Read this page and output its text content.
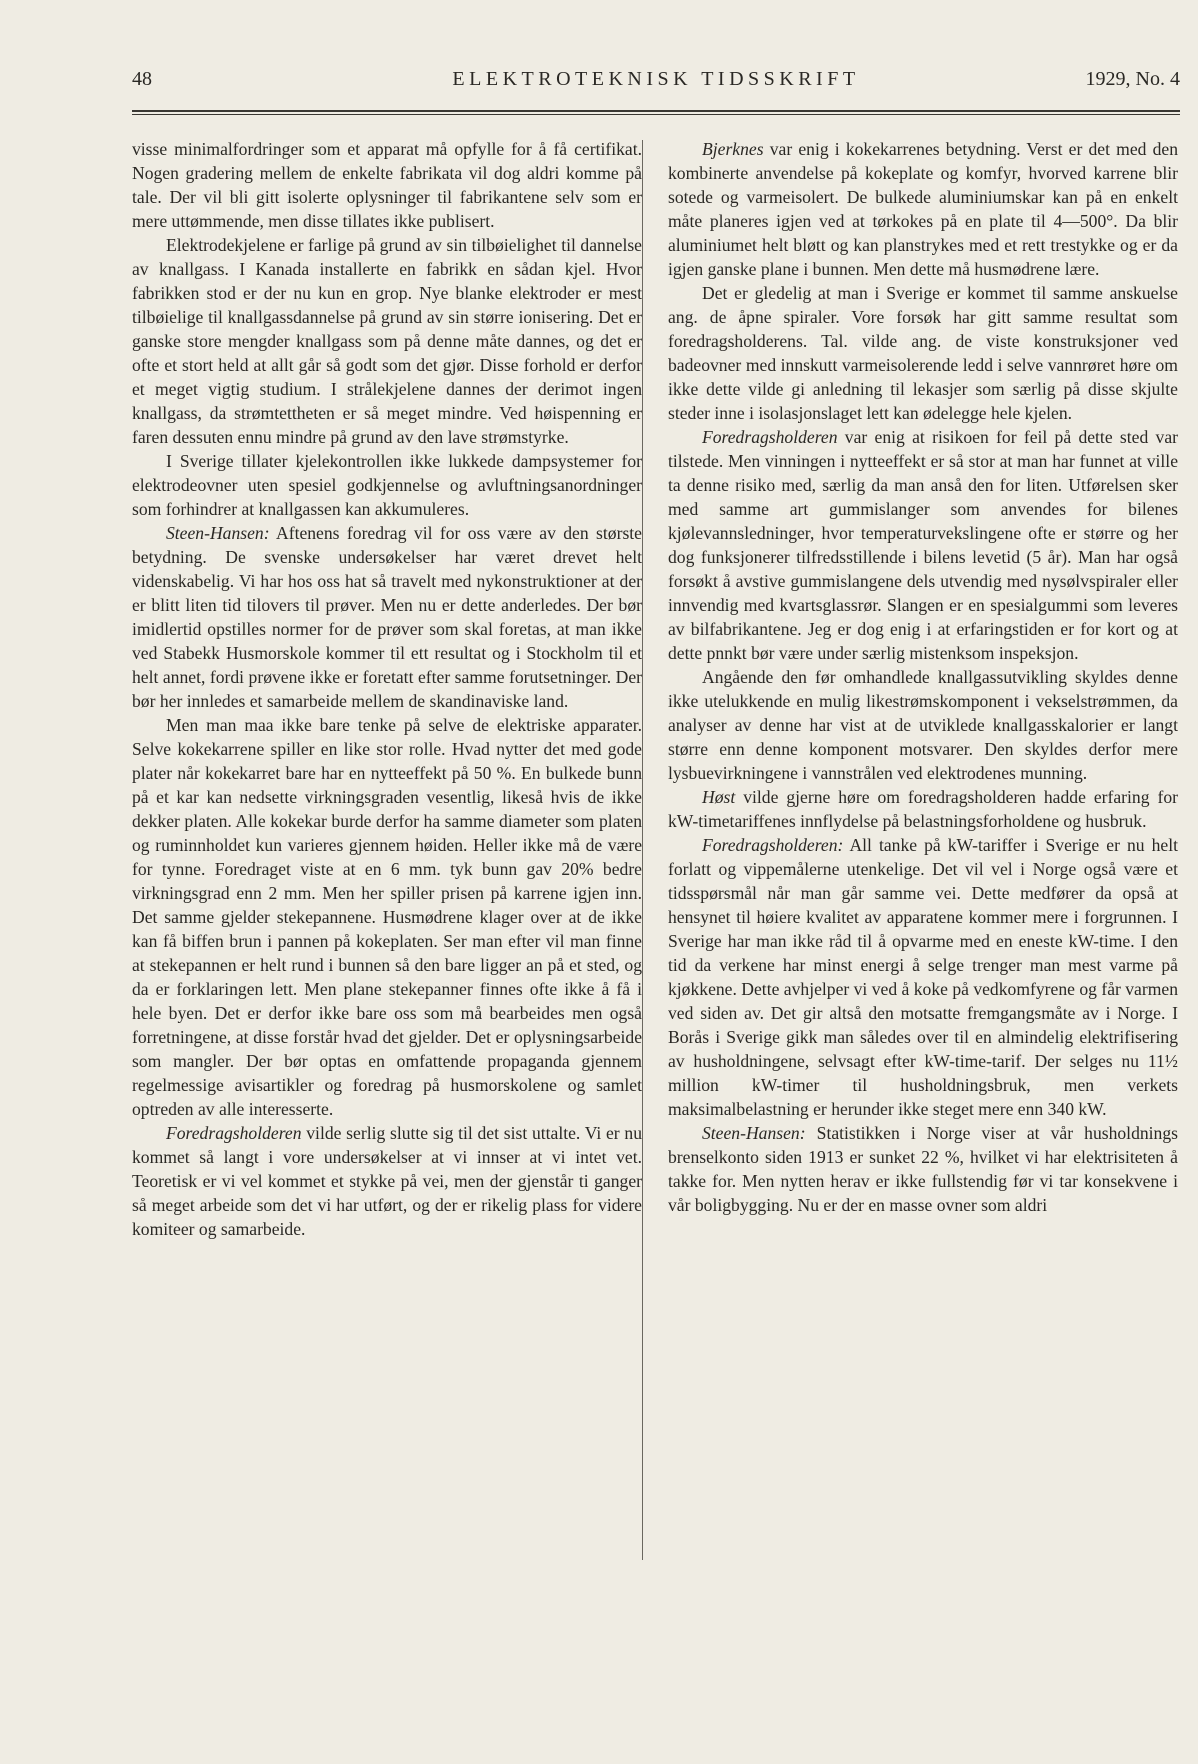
48	ELEKTROTEKNISK TIDSSKRIFT	1929, No. 4

visse minimalfordringer som et apparat må opfylle for å få certifikat. Nogen gradering mellem de enkelte fabrikata vil dog aldri komme på tale. Der vil bli gitt isolerte oplysninger til fabrikantene selv som er mere uttømmende, men disse tillates ikke publisert.

Elektrodekjelene er farlige på grund av sin tilbøielighet til dannelse av knallgass. I Kanada installerte en fabrikk en sådan kjel. Hvor fabrikken stod er der nu kun en grop. Nye blanke elektroder er mest tilbøielige til knallgassdannelse på grund av sin større ionisering. Det er ganske store mengder knallgass som på denne måte dannes, og det er ofte et stort held at allt går så godt som det gjør. Disse forhold er derfor et meget vigtig studium. I strålekjelene dannes der derimot ingen knallgass, da strømtettheten er så meget mindre. Ved høispenning er faren dessuten ennu mindre på grund av den lave strømstyrke.

I Sverige tillater kjelekontrollen ikke lukkede dampsystemer for elektrodeovner uten spesiel godkjennelse og avluftningsanordninger som forhindrer at knallgassen kan akkumuleres.

Steen-Hansen: Aftenens foredrag vil for oss være av den største betydning. De svenske undersøkelser har været drevet helt videnskabelig. Vi har hos oss hat så travelt med nykonstruktioner at der er blitt liten tid tilovers til prøver. Men nu er dette anderledes. Der bør imidlertid opstilles normer for de prøver som skal foretas, at man ikke ved Stabekk Husmorskole kommer til ett resultat og i Stockholm til et helt annet, fordi prøvene ikke er foretatt efter samme forutsetninger. Der bør her innledes et samarbeide mellem de skandinaviske land.

Men man maa ikke bare tenke på selve de elektriske apparater. Selve kokekarrene spiller en like stor rolle. Hvad nytter det med gode plater når kokekarret bare har en nytteeffekt på 50 %. En bulkede bunn på et kar kan nedsette virkningsgraden vesentlig, likeså hvis de ikke dekker platen. Alle kokekar burde derfor ha samme diameter som platen og ruminnholdet kun varieres gjennem høiden. Heller ikke må de være for tynne. Foredraget viste at en 6 mm. tyk bunn gav 20% bedre virkningsgrad enn 2 mm. Men her spiller prisen på karrene igjen inn. Det samme gjelder stekepannene. Husmødrene klager over at de ikke kan få biffen brun i pannen på kokeplaten. Ser man efter vil man finne at stekepannen er helt rund i bunnen så den bare ligger an på et sted, og da er forklaringen lett. Men plane stekepanner finnes ofte ikke å få i hele byen. Det er derfor ikke bare oss som må bearbeides men også forretningene, at disse forstår hvad det gjelder. Det er oplysningsarbeide som mangler. Der bør optas en omfattende propaganda gjennem regelmessige avisartikler og foredrag på husmorskolene og samlet optreden av alle interesserte.

Foredragsholderen vilde serlig slutte sig til det sist uttalte. Vi er nu kommet så langt i vore undersøkelser at vi innser at vi intet vet. Teoretisk er vi vel kommet et stykke på vei, men der gjenstår ti ganger så meget arbeide som det vi har utført, og der er rikelig plass for videre komiteer og samarbeide.

Bjerknes var enig i kokekarrenes betydning. Verst er det med den kombinerte anvendelse på kokeplate og komfyr, hvorved karrene blir sotede og varmeisolert. De bulkede aluminiumskar kan på en enkelt måte planeres igjen ved at tørkokes på en plate til 4—500°. Da blir aluminiumet helt bløtt og kan planstrykes med et rett trestykke og er da igjen ganske plane i bunnen. Men dette må husmødrene lære.

Det er gledelig at man i Sverige er kommet til samme anskuelse ang. de åpne spiraler. Vore forsøk har gitt samme resultat som foredragsholderens. Tal. vilde ang. de viste konstruksjoner ved badeovner med innskutt varmeisolerende ledd i selve vannrøret høre om ikke dette vilde gi anledning til lekasjer som særlig på disse skjulte steder inne i isolasjonslaget lett kan ødelegge hele kjelen.

Foredragsholderen var enig at risikoen for feil på dette sted var tilstede. Men vinningen i nytteeffekt er så stor at man har funnet at ville ta denne risiko med, særlig da man anså den for liten. Utførelsen sker med samme art gummislanger som anvendes for bilenes kjølevannsledninger, hvor temperaturvekslingene ofte er større og her dog funksjonerer tilfredsstillende i bilens levetid (5 år). Man har også forsøkt å avstive gummislangene dels utvendig med nysølvspiraler eller innvendig med kvartsglassrør. Slangen er en spesialgummi som leveres av bilfabrikantene. Jeg er dog enig i at erfaringstiden er for kort og at dette pnnkt bør være under særlig mistenksom inspeksjon.

Angående den før omhandlede knallgassutvikling skyldes denne ikke utelukkende en mulig likestrømskomponent i vekselstrømmen, da analyser av denne har vist at de utviklede knallgasskalorier er langt større enn denne komponent motsvarer. Den skyldes derfor mere lysbuevirkningene i vannstrålen ved elektrodenes munning.

Høst vilde gjerne høre om foredragsholderen hadde erfaring for kW-timetariffenes innflydelse på belastningsforholdene og husbruk.

Foredragsholderen: All tanke på kW-tariffer i Sverige er nu helt forlatt og vippemålerne utenkelige. Det vil vel i Norge også være et tidsspørsmål når man går samme vei. Dette medfører da opså at hensynet til høiere kvalitet av apparatene kommer mere i forgrunnen. I Sverige har man ikke råd til å opvarme med en eneste kW-time. I den tid da verkene har minst energi å selge trenger man mest varme på kjøkkene. Dette avhjelper vi ved å koke på vedkomfyrene og får varmen ved siden av. Det gir altså den motsatte fremgangsmåte av i Norge. I Borås i Sverige gikk man således over til en almindelig elektrifisering av husholdningene, selvsagt efter kW-time-tarif. Der selges nu 11½ million kW-timer til husholdningsbruk, men verkets maksimalbelastning er herunder ikke steget mere enn 340 kW.

Steen-Hansen: Statistikken i Norge viser at vår husholdnings brenselkonto siden 1913 er sunket 22 %, hvilket vi har elektrisiteten å takke for. Men nytten herav er ikke fullstendig før vi tar konsekvene i vår boligbygging. Nu er der en masse ovner som aldri
